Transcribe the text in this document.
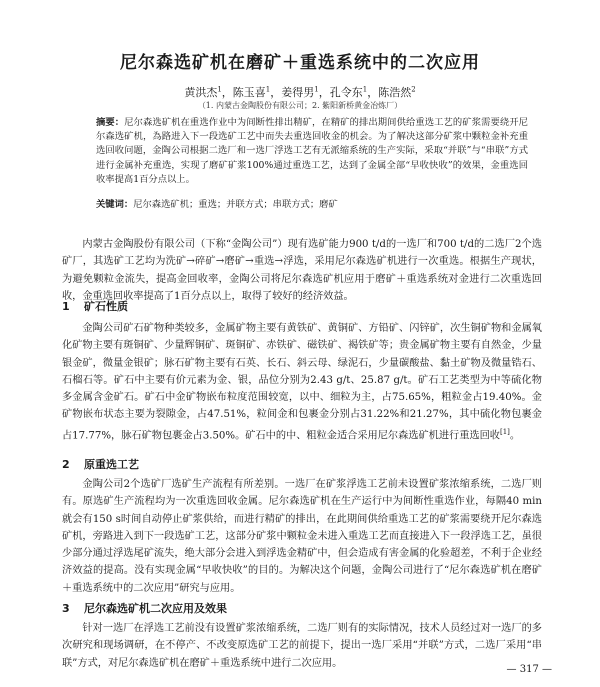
尼尔森选矿机在磨矿＋重选系统中的二次应用
黄洪杰$^1$，陈玉喜$^1$，姜得男$^1$，孔令东$^1$，陈浩然$^2$
（1. 内蒙古金陶股份有限公司；2. 紫阳新桥黄金冶炼厂）
摘要：尼尔森选矿机在重选作业中为间断性排出精矿，在精矿的排出期间供给重选工艺的矿浆需要绕开尼尔森选矿机，為路进入下一段选矿工艺中而失去重选回收金的机会。为了解决这部分矿浆中颗粒金补充重选回收问题，金陶公司根据二选厂和一选厂浮选工艺有无派缩系统的生产实际，采取“并联”与“串联”方式进行金属补充重选，实现了磨矿矿浆100%通过重选工艺，达到了金属全部“早收快收”的效果，金重选回收率提高1百分点以上。
关键词：尼尔森选矿机；重选；并联方式；串联方式；磨矿

内蒙古金陶股份有限公司（下称“金陶公司”）现有选矿能力900 t/d的一选厂和700 t/d的二选厂2个选矿厂，其选矿工艺均为洗矿→碎矿→磨矿→重选→浮选，采用尼尔森选矿机进行一次重选。根据生产现状，为避免颗粒金流失，提高金回收率，金陶公司将尼尔森选矿机应用于磨矿＋重选系统对金进行二次重选回收，金重选回收率提高了1百分点以上，取得了较好的经济效益。

1 矿石性质

金陶公司矿石矿物种类较多，金属矿物主要有黄铁矿、黄铜矿、方铅矿、闪锌矿，次生铜矿物和金属氧化矿物主要有斑铜矿、少量辉铜矿、斑铜矿、赤铁矿、磁铁矿、褐铁矿等；贵金属矿物主要有自然金，少量银金矿，微量金银矿；脉石矿物主要有石英、长石、斜云母、绿泥石，少量碳酸盐、黏土矿物及微量锆石、石榴石等。矿石中主要有价元素为金、银，品位分别为2.43 g/t、25.87 g/t。矿石工艺类型为中等硫化物多金属含金矿石。矿石中金矿物嵌布粒度范围较宽，以中、细粒为主，占75.65%，粗粒金占19.40%。金矿物嵌布状态主要为裂隙金，占47.51%，粒间金和包裹金分别占31.22%和21.27%，其中硫化物包裹金占17.77%，脉石矿物包裹金占3.50%。矿石中的中、粗粒金适合采用尼尔森选矿机进行重选回收[1]。

2 原重选工艺

金陶公司2个选矿厂选矿生产流程有所差别。一选厂在矿浆浮选工艺前未设置矿浆浓缩系统，二选厂则有。原选矿生产流程均为一次重选回收金属。尼尔森选矿机在生产运行中为间断性重选作业，每隔40 min就会有150 s时间自动停止矿浆供给，而进行精矿的排出，在此期间供给重选工艺的矿浆需要绕开尼尔森选矿机，旁路进入到下一段选矿工艺，这部分矿浆中颗粒金未进入重选工艺而直接进入下一段浮选工艺，虽很少部分通过浮选尾矿流失，绝大部分会进入到浮选金精矿中，但会造成有害金属的化验超差，不利于企业经济效益的提高。没有实现金属“早收快收”的目的。为解决这个问题，金陶公司进行了“尼尔森选矿机在磨矿＋重选系统中的二次应用”研究与应用。

3 尼尔森选矿机二次应用及效果

针对一选厂在浮选工艺前没有设置矿浆浓缩系统，二选厂则有的实际情况，技术人员经过对一选厂的多次研究和现场调研，在不停产、不改变原选矿工艺的前提下，提出一选厂采用“并联”方式，二选厂采用“串联”方式，对尼尔森选矿机在磨矿＋重选系统中进行二次应用。

— 317 —
